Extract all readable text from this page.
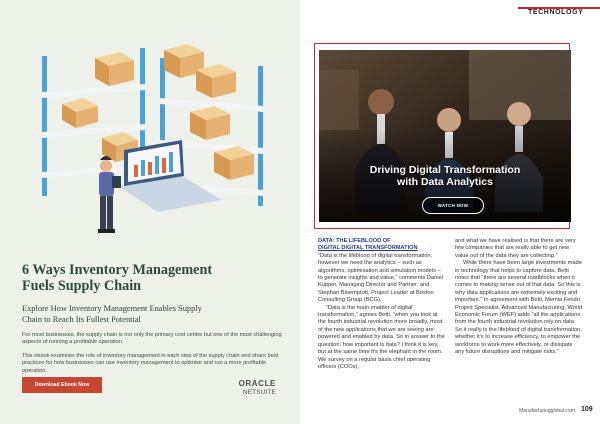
6 Ways Inventory Management
Fuels Supply Chain
Explore How Inventory Management Enables Supply
Chain to Reach Its Fullest Potential
For most businesses, the supply chain is not only the primary cost centre but one of the most challenging aspects of running a profitable operation.
This ebook examines the role of inventory management in each step of the supply chain and share best practices for how businesses can use inventory management to optimise and run a more profitable operation.
Download Ebook Now	ORACLE
NETSUITE
TECHNOLOGY
Driving Digital Transformation
with Data Analytics
WATCH NOW
DATA: THE LIFEBLOOD OF
DIGITAL DIGITAL TRANSFORMATION

“Data is the lifeblood of digital transformation, however we need the analytics – such as algorithms, optimisation and simulation models – to generate insights and value,” comments Daniel Küpper, Managing Director and Partner, and Stephan Bloemptott, Project Leader at Boston Consulting Group (BCG).

“Data is the main enabler of digital transformation,” agrees Betti, “when you look at the fourth industrial revolution more broadly, most of the new applications that we are seeing are powered and enabled by data. So in answer to the question: how important is data? I think it is key, but at the same time it’s the elephant in the room. We survey on a regular basis chief operating officers (COOs),

and what we have realised is that there are very few companies that are really able to get new value out of the data they are collecting.”

While there have been large investments made in technology that helps to capture data, Betti notes that “there are several roadblocks when it comes to making sense out of that data. So this is why data applications are extremely exciting and important.” In agreement with Betti, Memia Fendri Project Specialist, Advanced Manufacturing, World Economic Forum (WEF) adds “all the applications from the fourth industrial revolution rely on data. So it really is the lifeblood of digital transformation, whether it’s to increase efficiency, to empower the workforce to work more effectively, or dissipate any future disruptions and mitigate risks.”

Manufacturingglobal.com 109
